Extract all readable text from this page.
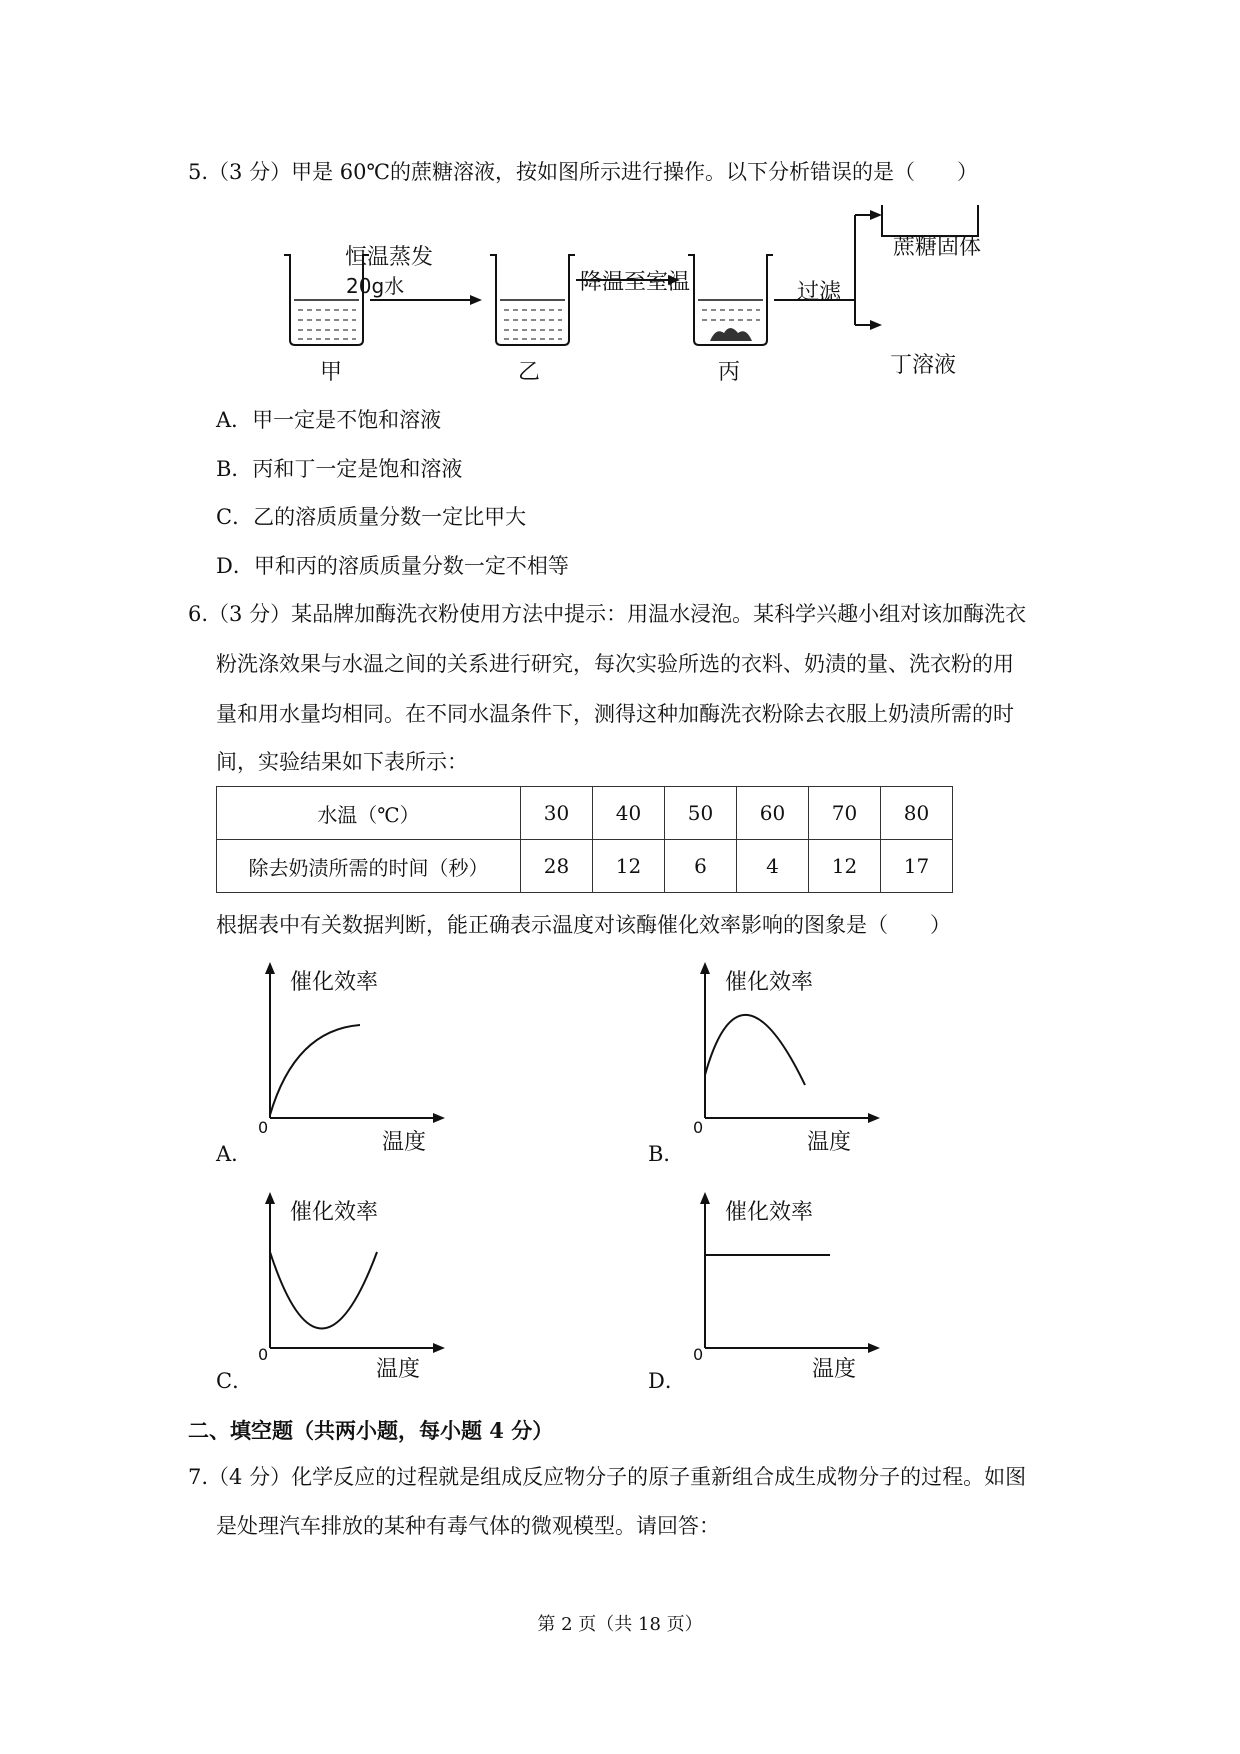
5.（3 分）甲是 60℃的蔗糖溶液，按如图所示进行操作。以下分析错误的是（　　）
恒温蒸发
20g水	降温至室温	过滤
蔗糖固体
丁溶液
甲	乙	丙
A．甲一定是不饱和溶液
B．丙和丁一定是饱和溶液
C．乙的溶质质量分数一定比甲大
D．甲和丙的溶质质量分数一定不相等
6.（3 分）某品牌加酶洗衣粉使用方法中提示：用温水浸泡。某科学兴趣小组对该加酶洗衣
粉洗涤效果与水温之间的关系进行研究，每次实验所选的衣料、奶渍的量、洗衣粉的用
量和用水量均相同。在不同水温条件下，测得这种加酶洗衣粉除去衣服上奶渍所需的时
间，实验结果如下表所示：
水温（℃）	30	40	50	60	70	80
除去奶渍所需的时间（秒）	28	12	6	4	12	17
根据表中有关数据判断，能正确表示温度对该酶催化效率影响的图象是（　　）
催化效率
0
温度
A．
催化效率
0
温度
B．
催化效率
0
温度
C．
催化效率
0
温度
D．
二、填空题（共两小题，每小题 4 分）
7.（4 分）化学反应的过程就是组成反应物分子的原子重新组合成生成物分子的过程。如图
是处理汽车排放的某种有毒气体的微观模型。请回答：
第 2 页（共 18 页）
